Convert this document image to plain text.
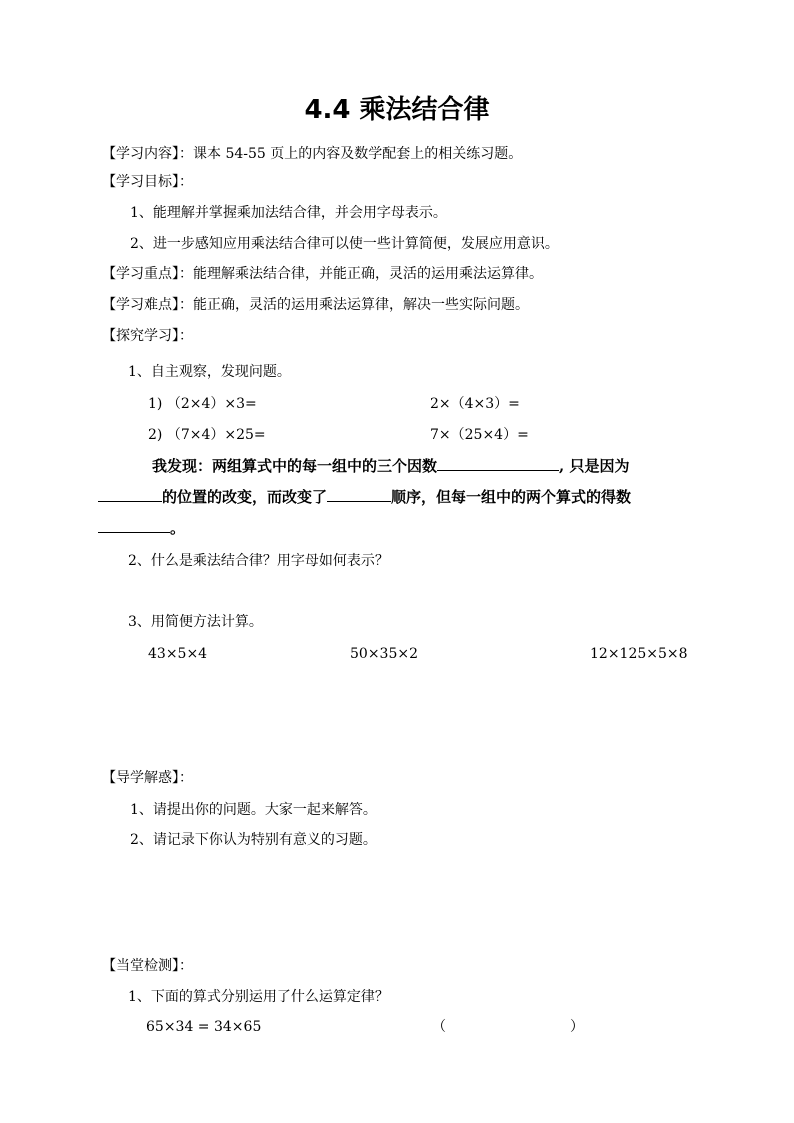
4.4 乘法结合律
【学习内容】：课本 54-55 页上的内容及数学配套上的相关练习题。
【学习目标】：
1、能理解并掌握乘加法结合律，并会用字母表示。
2、进一步感知应用乘法结合律可以使一些计算简便，发展应用意识。
【学习重点】：能理解乘法结合律，并能正确，灵活的运用乘法运算律。
【学习难点】：能正确，灵活的运用乘法运算律，解决一些实际问题。
【探究学习】：
1、自主观察，发现问题。
1) （2×4）×3=	2×（4×3）=
2) （7×4）×25=	7×（25×4）=
我发现：两组算式中的每一组中的三个因数	, 只是因为
的位置的改变，而改变了	顺序，但每一组中的两个算式的得数
。
2、什么是乘法结合律？用字母如何表示？
3、用简便方法计算。
43×5×4	50×35×2	12×125×5×8
【导学解惑】：
1、请提出你的问题。大家一起来解答。
2、请记录下你认为特别有意义的习题。
【当堂检测】：
1、下面的算式分别运用了什么运算定律？
65×34 = 34×65	（	）
